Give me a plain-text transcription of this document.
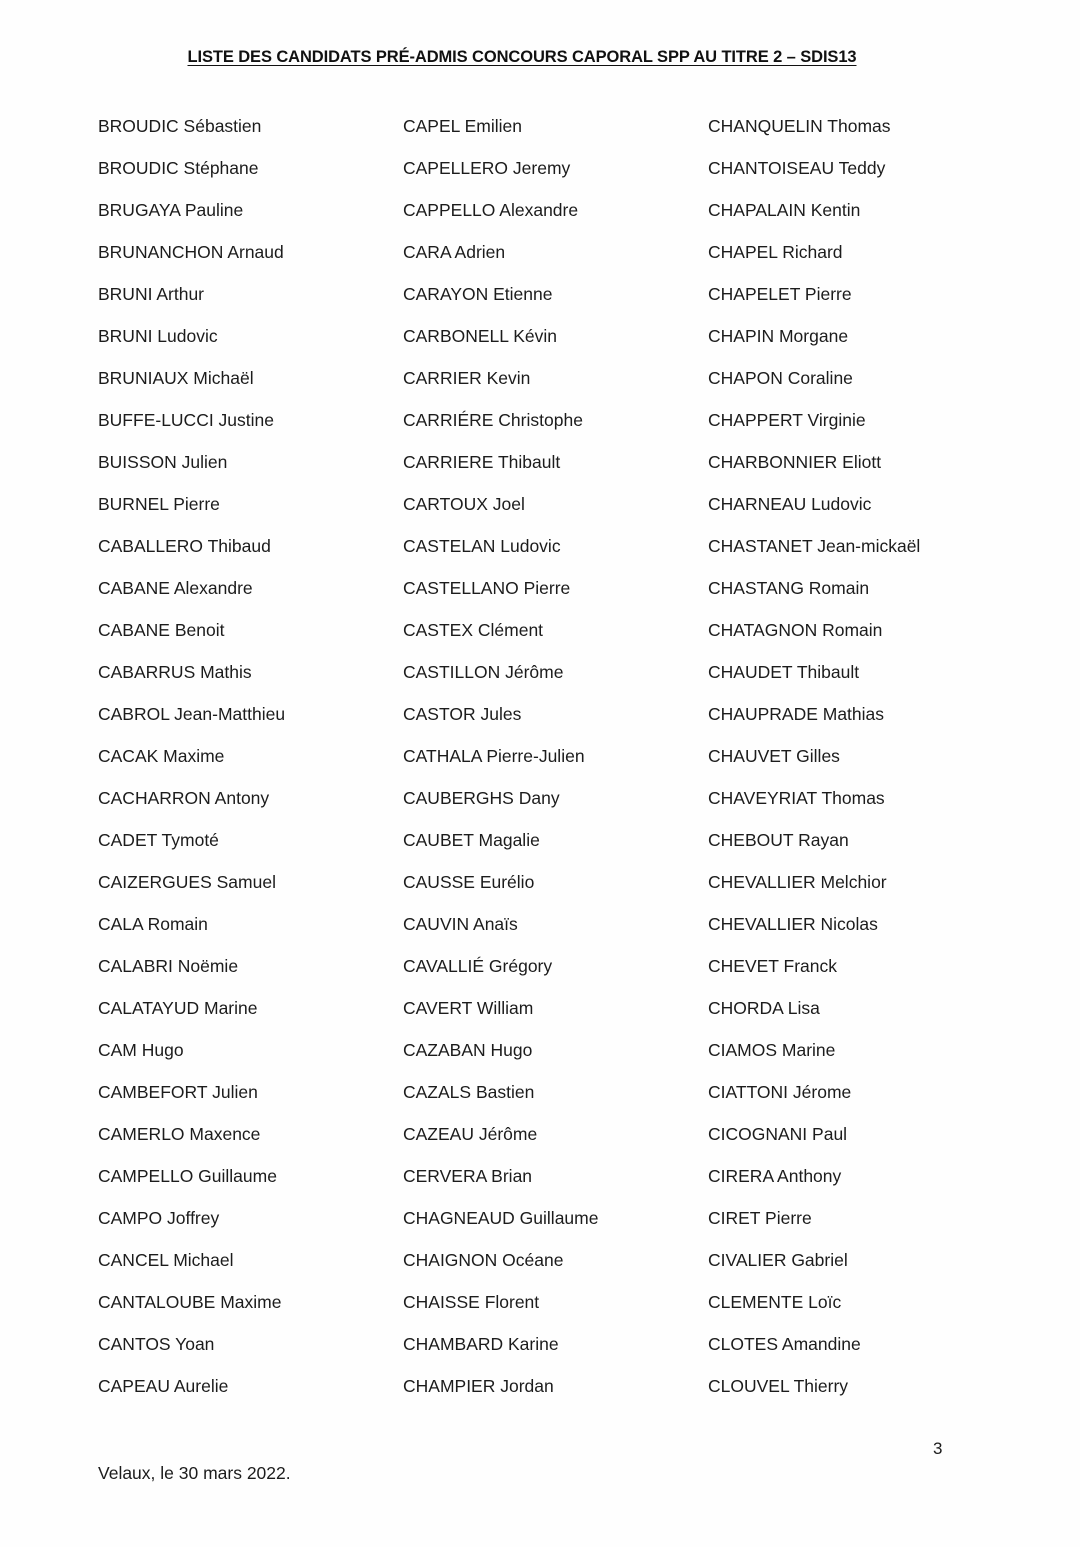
LISTE DES CANDIDATS PRÉ-ADMIS CONCOURS CAPORAL SPP AU TITRE 2 – SDIS13
BROUDIC Sébastien
BROUDIC Stéphane
BRUGAYA Pauline
BRUNANCHON Arnaud
BRUNI Arthur
BRUNI Ludovic
BRUNIAUX Michaël
BUFFE-LUCCI Justine
BUISSON Julien
BURNEL Pierre
CABALLERO Thibaud
CABANE Alexandre
CABANE Benoit
CABARRUS Mathis
CABROL Jean-Matthieu
CACAK Maxime
CACHARRON Antony
CADET Tymoté
CAIZERGUES Samuel
CALA Romain
CALABRI Noëmie
CALATAYUD Marine
CAM Hugo
CAMBEFORT Julien
CAMERLO Maxence
CAMPELLO Guillaume
CAMPO Joffrey
CANCEL Michael
CANTALOUBE Maxime
CANTOS Yoan
CAPEAU Aurelie
CAPEL Emilien
CAPELLERO Jeremy
CAPPELLO Alexandre
CARA Adrien
CARAYON Etienne
CARBONELL Kévin
CARRIER Kevin
CARRIÉRE Christophe
CARRIERE Thibault
CARTOUX Joel
CASTELAN Ludovic
CASTELLANO Pierre
CASTEX Clément
CASTILLON Jérôme
CASTOR Jules
CATHALA Pierre-Julien
CAUBERGHS Dany
CAUBET Magalie
CAUSSE Eurélio
CAUVIN Anaïs
CAVALLIÉ Grégory
CAVERT William
CAZABAN Hugo
CAZALS Bastien
CAZEAU Jérôme
CERVERA Brian
CHAGNEAUD Guillaume
CHAIGNON Océane
CHAISSE Florent
CHAMBARD Karine
CHAMPIER Jordan
CHANQUELIN Thomas
CHANTOISEAU Teddy
CHAPALAIN Kentin
CHAPEL Richard
CHAPELET Pierre
CHAPIN Morgane
CHAPON Coraline
CHAPPERT Virginie
CHARBONNIER Eliott
CHARNEAU Ludovic
CHASTANET Jean-mickaël
CHASTANG Romain
CHATAGNON Romain
CHAUDET Thibault
CHAUPRADE Mathias
CHAUVET Gilles
CHAVEYRIAT Thomas
CHEBOUT Rayan
CHEVALLIER Melchior
CHEVALLIER Nicolas
CHEVET Franck
CHORDA Lisa
CIAMOS Marine
CIATTONI Jérome
CICOGNANI Paul
CIRERA Anthony
CIRET Pierre
CIVALIER Gabriel
CLEMENTE Loïc
CLOTES Amandine
CLOUVEL Thierry
3
Velaux, le 30 mars 2022.
